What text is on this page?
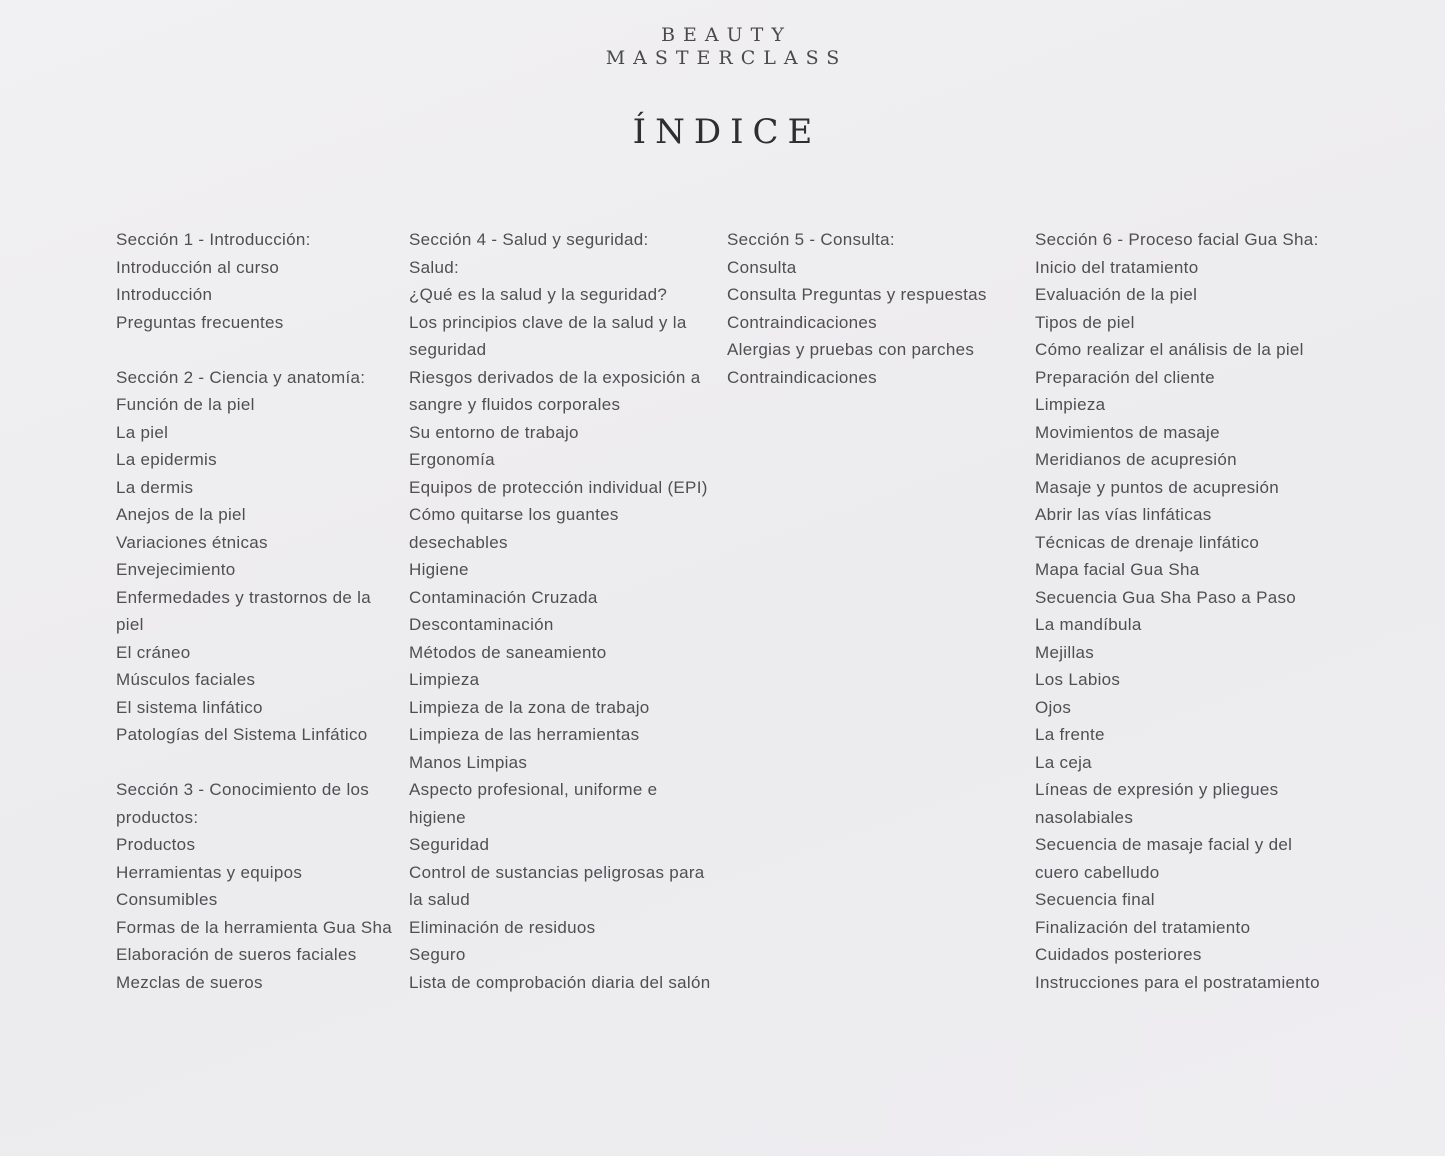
BEAUTY
MASTERCLASS
ÍNDICE
Sección 1 - Introducción:
Introducción al curso
Introducción
Preguntas frecuentes
Sección 2 - Ciencia y anatomía:
Función de la piel
La piel
La epidermis
La dermis
Anejos de la piel
Variaciones étnicas
Envejecimiento
Enfermedades y trastornos de la piel
El cráneo
Músculos faciales
El sistema linfático
Patologías del Sistema Linfático
Sección 3 - Conocimiento de los productos:
Productos
Herramientas y equipos
Consumibles
Formas de la herramienta Gua Sha
Elaboración de sueros faciales
Mezclas de sueros
Sección 4 - Salud y seguridad:
Salud:
¿Qué es la salud y la seguridad?
Los principios clave de la salud y la seguridad
Riesgos derivados de la exposición a sangre y fluidos corporales
Su entorno de trabajo
Ergonomía
Equipos de protección individual (EPI)
Cómo quitarse los guantes desechables
Higiene
Contaminación Cruzada
Descontaminación
Métodos de saneamiento
Limpieza
Limpieza de la zona de trabajo
Limpieza de las herramientas
Manos Limpias
Aspecto profesional, uniforme e higiene
Seguridad
Control de sustancias peligrosas para la salud
Eliminación de residuos
Seguro
Lista de comprobación diaria del salón
Sección 5 - Consulta:
Consulta
Consulta Preguntas y respuestas
Contraindicaciones
Alergias y pruebas con parches
Contraindicaciones
Sección 6 - Proceso facial Gua Sha:
Inicio del tratamiento
Evaluación de la piel
Tipos de piel
Cómo realizar el análisis de la piel
Preparación del cliente
Limpieza
Movimientos de masaje
Meridianos de acupresión
Masaje y puntos de acupresión
Abrir las vías linfáticas
Técnicas de drenaje linfático
Mapa facial Gua Sha
Secuencia Gua Sha Paso a Paso
La mandíbula
Mejillas
Los Labios
Ojos
La frente
La ceja
Líneas de expresión y pliegues nasolabiales
Secuencia de masaje facial y del cuero cabelludo
Secuencia final
Finalización del tratamiento
Cuidados posteriores
Instrucciones para el postratamiento
